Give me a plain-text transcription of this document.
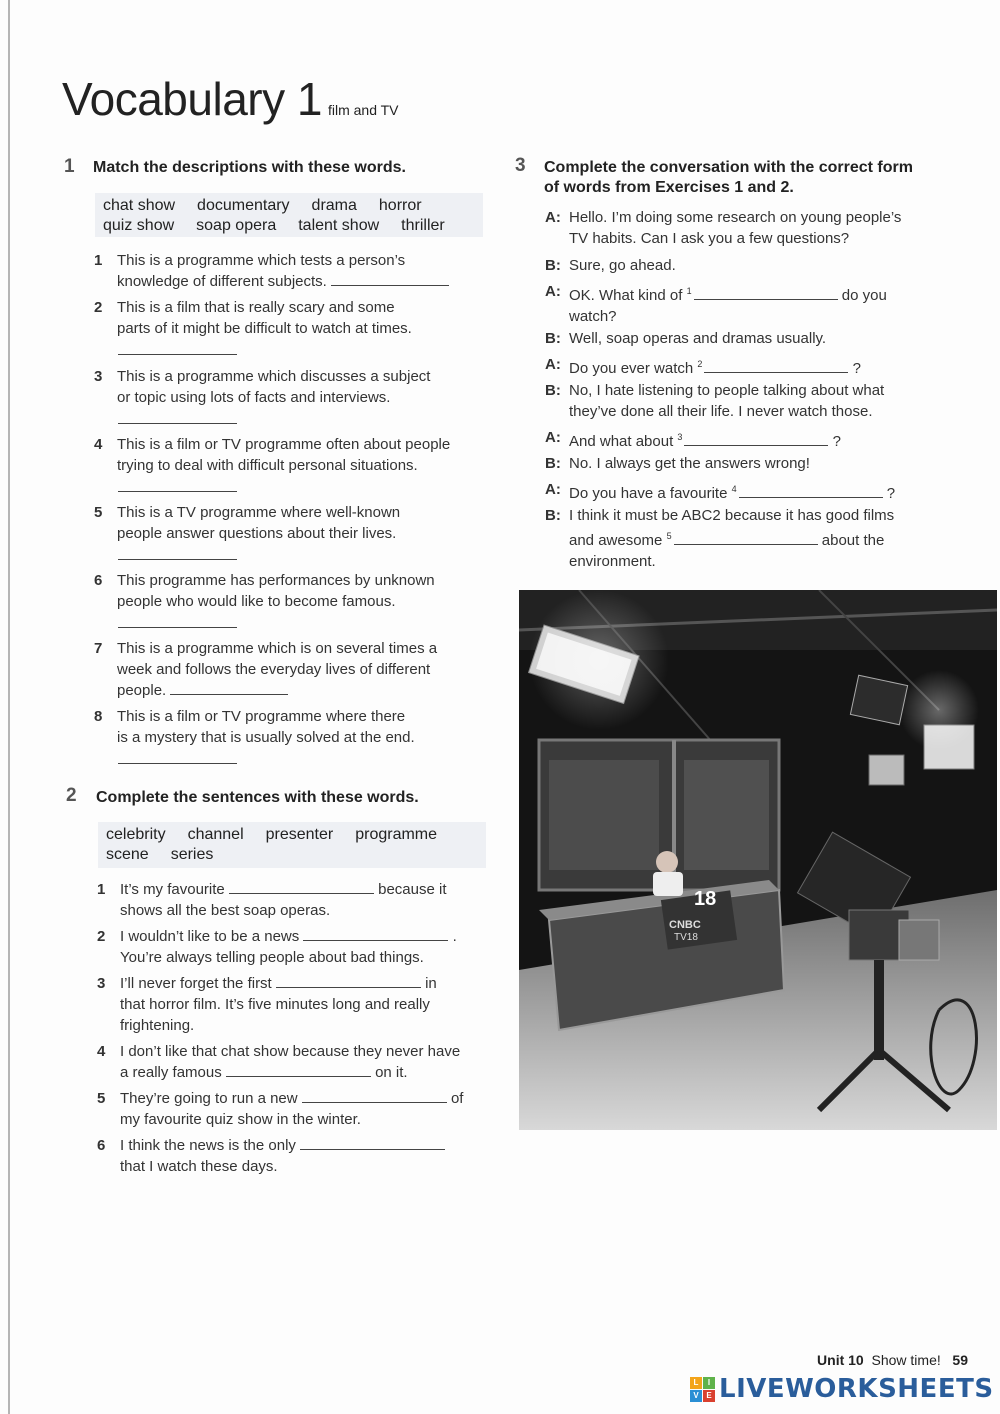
Vocabulary 1 film and TV
1 Match the descriptions with these words.
chat show documentary drama horror
quiz show soap opera talent show thriller
1 This is a programme which tests a person’s
knowledge of different subjects.
2 This is a film that is really scary and some
parts of it might be difficult to watch at times.
3 This is a programme which discusses a subject
or topic using lots of facts and interviews.
4 This is a film or TV programme often about people
trying to deal with difficult personal situations.
5 This is a TV programme where well-known
people answer questions about their lives.
6 This programme has performances by unknown
people who would like to become famous.
7 This is a programme which is on several times a
week and follows the everyday lives of different
people.
8 This is a film or TV programme where there
is a mystery that is usually solved at the end.
2 Complete the sentences with these words.
celebrity channel presenter programme
scene series
1 It’s my favourite	because it
shows all the best soap operas.
2 I wouldn’t like to be a news	.
You’re always telling people about bad things.
3 I’ll never forget the first	in
that horror film. It’s five minutes long and really
frightening.
4 I don’t like that chat show because they never have
a really famous	on it.
5 They’re going to run a new	of
my favourite quiz show in the winter.
6 I think the news is the only
that I watch these days.
3 Complete the conversation with the correct form
of words from Exercises 1 and 2.
A: Hello. I’m doing some research on young people’s
TV habits. Can I ask you a few questions?
B: Sure, go ahead.
A: OK. What kind of $^1$	do you
watch?
B: Well, soap operas and dramas usually.
A: Do you ever watch $^2$	?
B: No, I hate listening to people talking about what
they’ve done all their life. I never watch those.
A: And what about $^3$	?
B: No. I always get the answers wrong!
A: Do you have a favourite $^4$	?
B: I think it must be ABC2 because it has good films
and awesome $^5$	about the
environment.
CNBC
TV18
18
Unit 10 Show time! 59
L	I
V E LIVEWORKSHEETS
